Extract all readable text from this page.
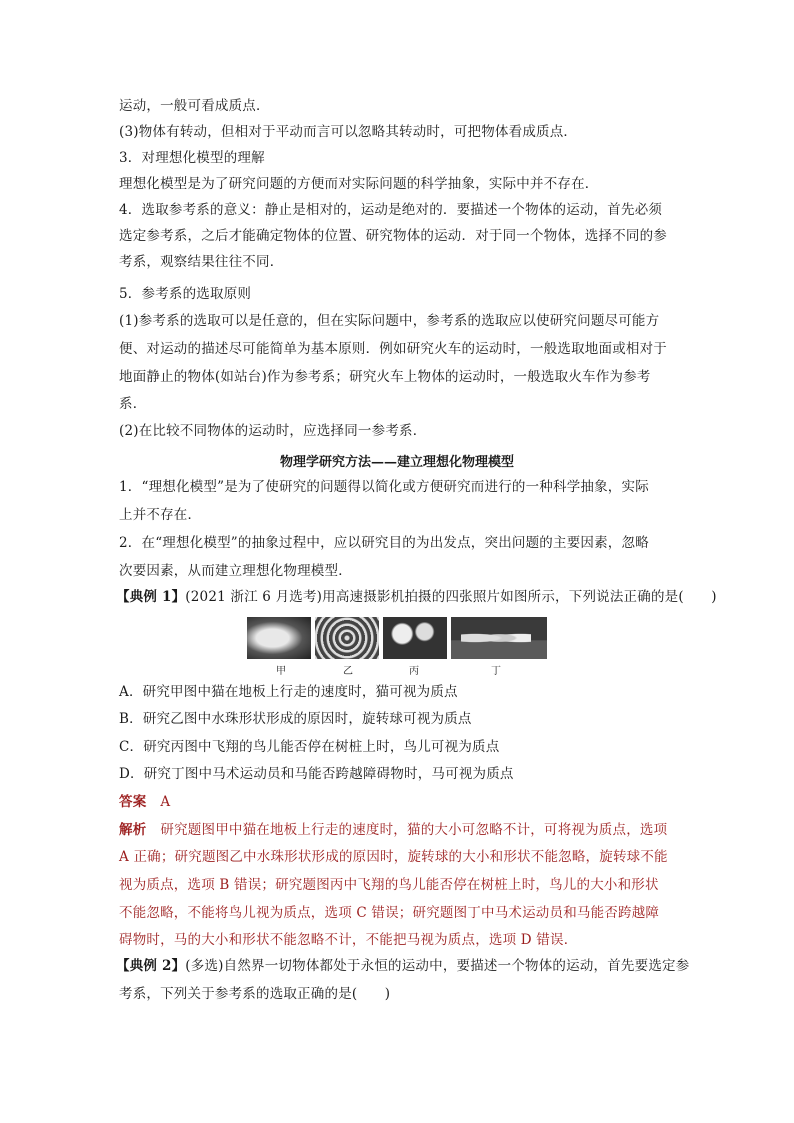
运动，一般可看成质点．
(3)物体有转动，但相对于平动而言可以忽略其转动时，可把物体看成质点．
3．对理想化模型的理解
理想化模型是为了研究问题的方便而对实际问题的科学抽象，实际中并不存在．
4．选取参考系的意义：静止是相对的，运动是绝对的．要描述一个物体的运动，首先必须
选定参考系，之后才能确定物体的位置、研究物体的运动．对于同一个物体，选择不同的参
考系，观察结果往往不同．
5．参考系的选取原则
(1)参考系的选取可以是任意的，但在实际问题中，参考系的选取应以使研究问题尽可能方
便、对运动的描述尽可能简单为基本原则．例如研究火车的运动时，一般选取地面或相对于
地面静止的物体(如站台)作为参考系；研究火车上物体的运动时，一般选取火车作为参考
系．
(2)在比较不同物体的运动时，应选择同一参考系．
物理学研究方法——建立理想化物理模型
1．“理想化模型”是为了使研究的问题得以简化或方便研究而进行的一种科学抽象，实际
上并不存在．
2．在“理想化模型”的抽象过程中，应以研究目的为出发点，突出问题的主要因素，忽略
次要因素，从而建立理想化物理模型．
【典例 1】(2021 浙江 6 月选考)用高速摄影机拍摄的四张照片如图所示，下列说法正确的是(　　)
甲	乙	丙	丁
A．研究甲图中猫在地板上行走的速度时，猫可视为质点
B．研究乙图中水珠形状形成的原因时，旋转球可视为质点
C．研究丙图中飞翔的鸟儿能否停在树桩上时，鸟儿可视为质点
D．研究丁图中马术运动员和马能否跨越障碍物时，马可视为质点
答案 A
解析 研究题图甲中猫在地板上行走的速度时，猫的大小可忽略不计，可将视为质点，选项
A 正确；研究题图乙中水珠形状形成的原因时，旋转球的大小和形状不能忽略，旋转球不能
视为质点，选项 B 错误；研究题图丙中飞翔的鸟儿能否停在树桩上时，鸟儿的大小和形状
不能忽略，不能将鸟儿视为质点，选项 C 错误；研究题图丁中马术运动员和马能否跨越障
碍物时，马的大小和形状不能忽略不计，不能把马视为质点，选项 D 错误．
【典例 2】(多选)自然界一切物体都处于永恒的运动中，要描述一个物体的运动，首先要选定参
考系，下列关于参考系的选取正确的是(　　)
